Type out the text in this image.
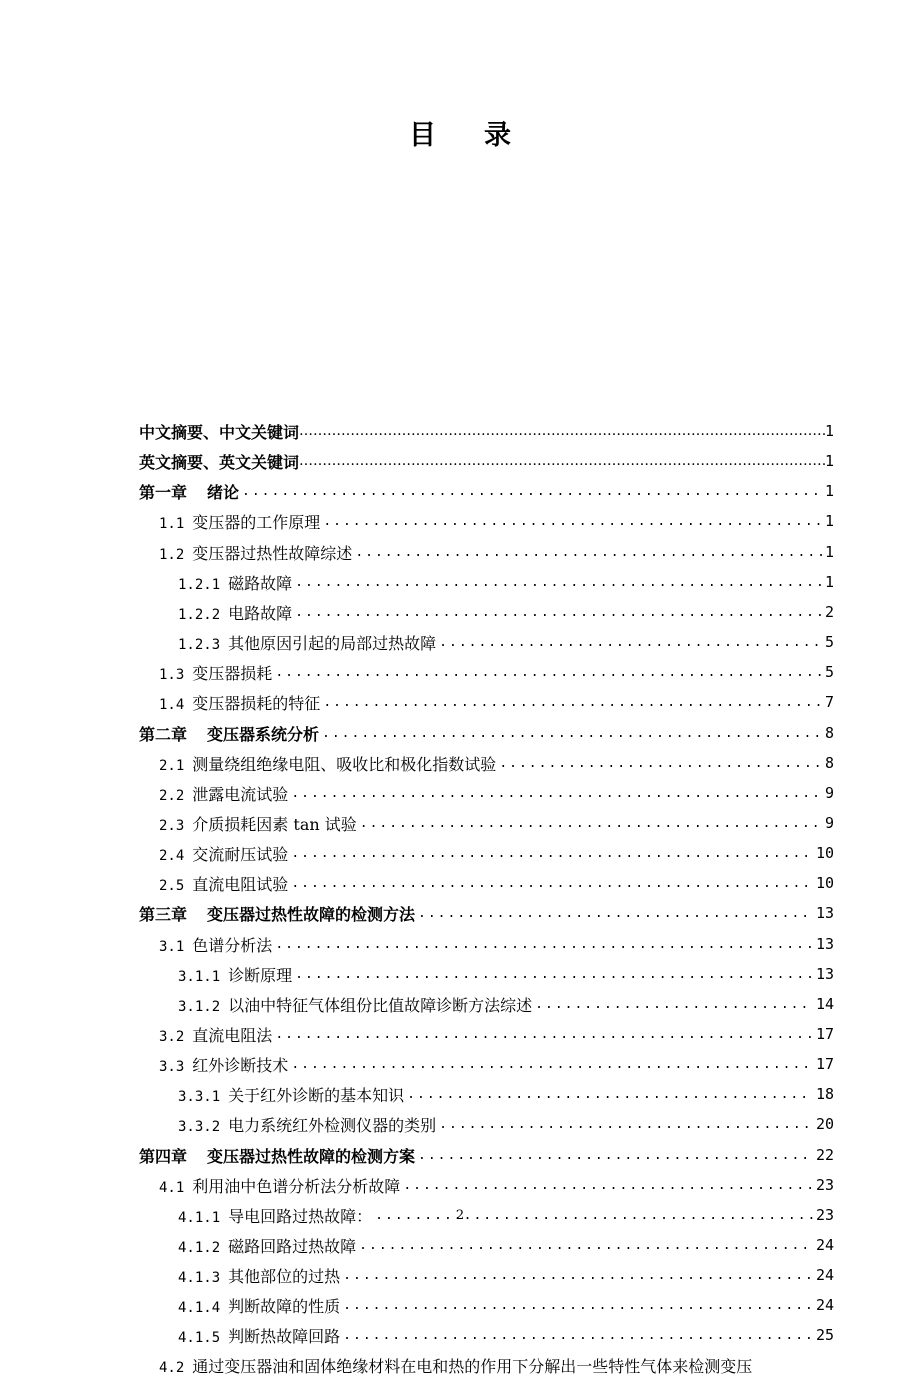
目 录
中文摘要、中文关键词 …………………………………………………………………………………………………………………………………	1
英文摘要、英文关键词 …………………………………………………………………………………………………………………………………	1
第一章 绪论 .....	1
1.1 变压器的工作原理 .....	1
1.2 变压器过热性故障综述 .....	1
1.2.1 磁路故障 .....	1
1.2.2 电路故障 .....	2
1.2.3 其他原因引起的局部过热故障 .....	5
1.3 变压器损耗 .....	5
1.4 变压器损耗的特征 .....	7
第二章 变压器系统分析 .....	8
2.1 测量绕组绝缘电阻、吸收比和极化指数试验 .....	8
2.2 泄露电流试验 .....	9
2.3 介质损耗因素 tan 试验 .....	9
2.4 交流耐压试验 .....	10
2.5 直流电阻试验 .....	10
第三章 变压器过热性故障的检测方法 .....	13
3.1 色谱分析法 .....	13
3.1.1 诊断原理 .....	13
3.1.2 以油中特征气体组份比值故障诊断方法综述 .....	14
3.2 直流电阻法 .....	17
3.3 红外诊断技术 .....	17
3.3.1 关于红外诊断的基本知识 .....	18
3.3.2 电力系统红外检测仪器的类别 .....	20
第四章 变压器过热性故障的检测方案 .....	22
4.1 利用油中色谱分析法分析故障 .....	23
4.1.1 导电回路过热故障： .....	23
4.1.2 磁路回路过热故障 .....	24
4.1.3 其他部位的过热 .....	24
4.1.4 判断故障的性质 .....	24
4.1.5 判断热故障回路 .....	25
4.2 通过变压器油和固体绝缘材料在电和热的作用下分解出一些特性气体来检测变压
2
